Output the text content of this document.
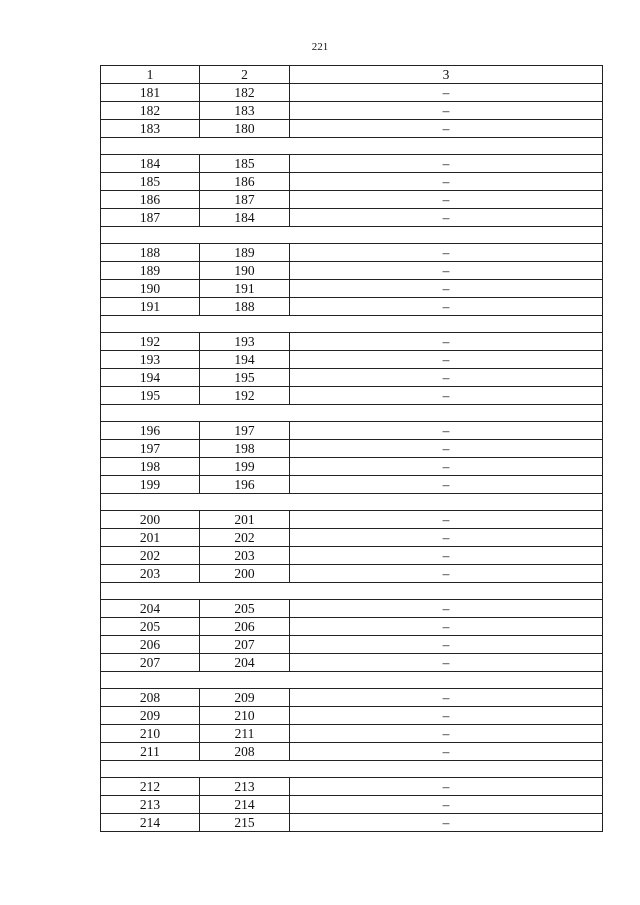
221
1	2	3
181	182	–
182	183	–
183	180	–

184	185	–
185	186	–
186	187	–
187	184	–

188	189	–
189	190	–
190	191	–
191	188	–

192	193	–
193	194	–
194	195	–
195	192	–

196	197	–
197	198	–
198	199	–
199	196	–

200	201	–
201	202	–
202	203	–
203	200	–

204	205	–
205	206	–
206	207	–
207	204	–

208	209	–
209	210	–
210	211	–
211	208	–

212	213	–
213	214	–
214	215	–
